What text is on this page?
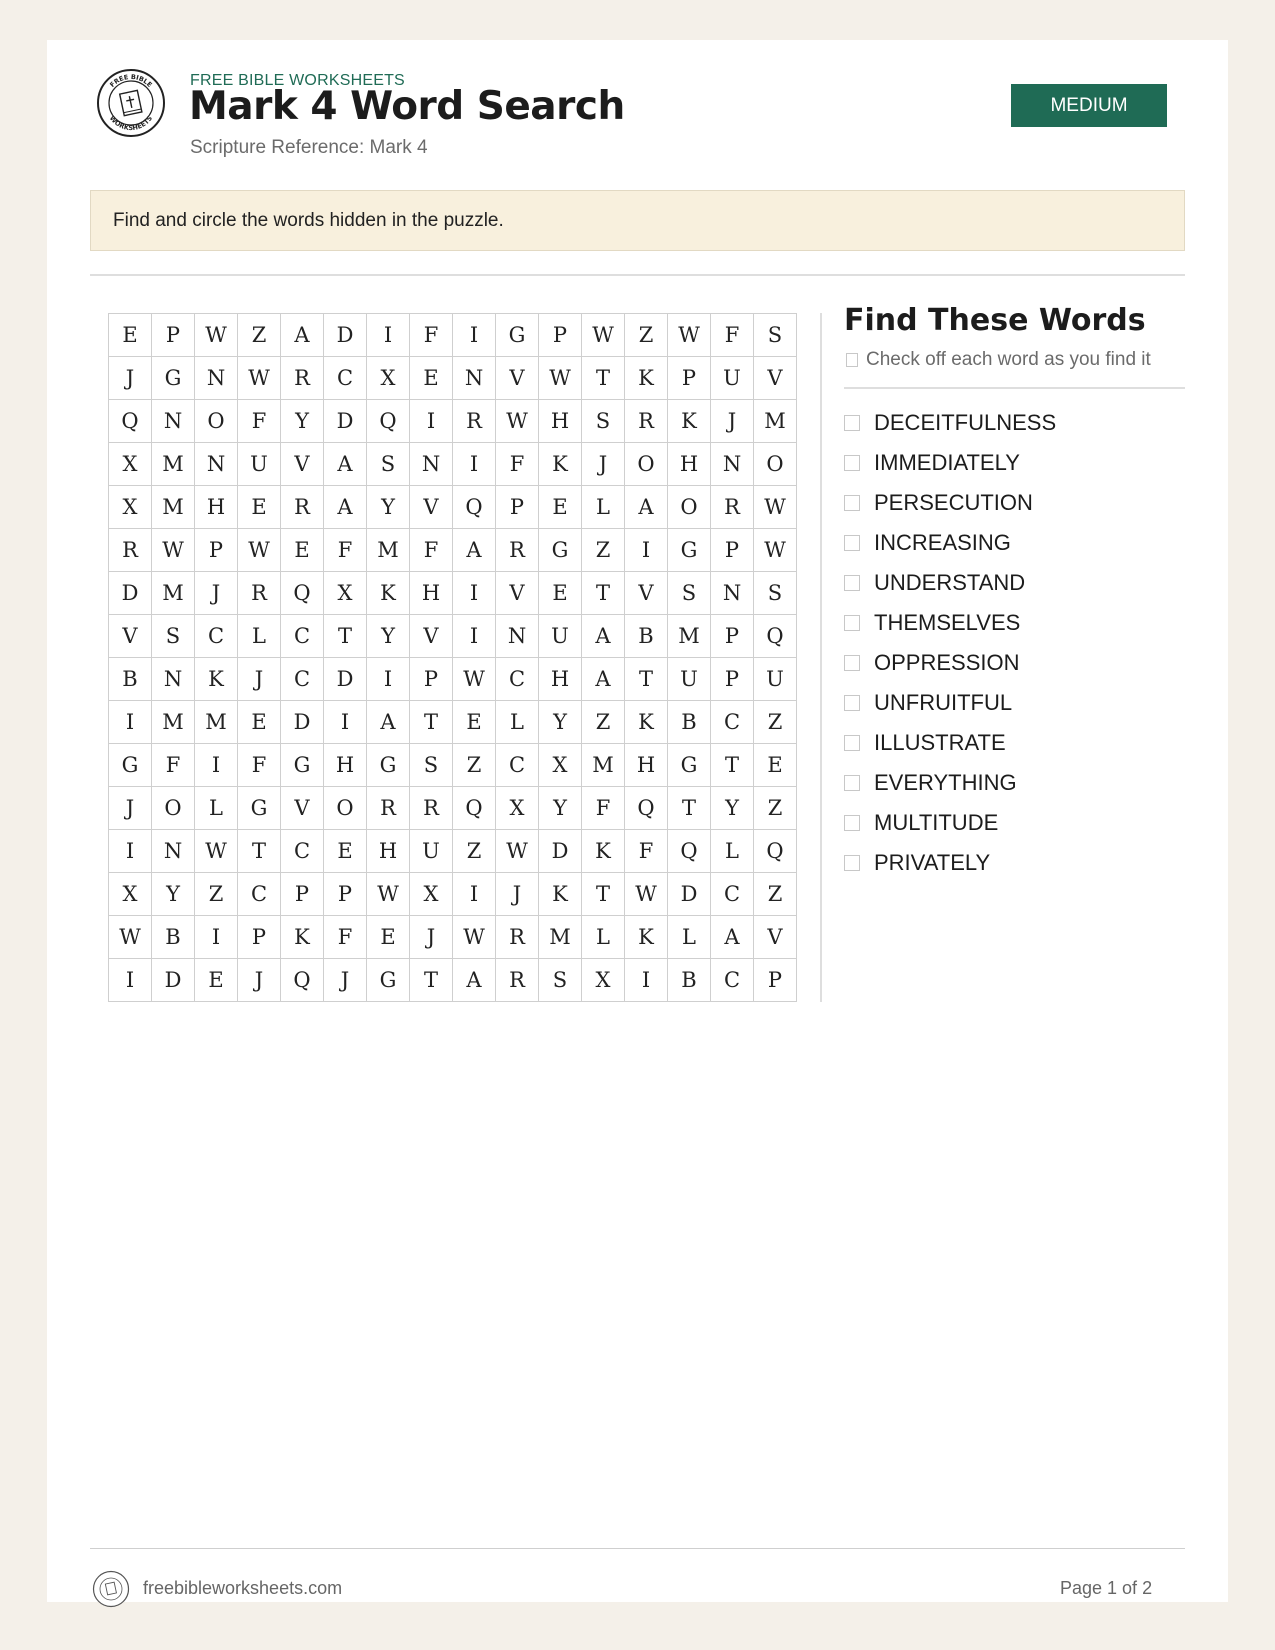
FREE BIBLE
WORKSHEETS
FREE BIBLE WORKSHEETS
Mark 4 Word Search
Scripture Reference: Mark 4
MEDIUM
Find and circle the words hidden in the puzzle.
E	P	W	Z	A	D	I	F	I	G	P	W	Z	W	F	S
J	G	N	W	R	C	X	E	N	V	W	T	K	P	U	V
Q	N	O	F	Y	D	Q	I	R	W	H	S	R	K	J	M
X	M	N	U	V	A	S	N	I	F	K	J	O	H	N	O
X	M	H	E	R	A	Y	V	Q	P	E	L	A	O	R	W
R	W	P	W	E	F	M	F	A	R	G	Z	I	G	P	W
D	M	J	R	Q	X	K	H	I	V	E	T	V	S	N	S
V	S	C	L	C	T	Y	V	I	N	U	A	B	M	P	Q
B	N	K	J	C	D	I	P	W	C	H	A	T	U	P	U
I	M	M	E	D	I	A	T	E	L	Y	Z	K	B	C	Z
G	F	I	F	G	H	G	S	Z	C	X	M	H	G	T	E
J	O	L	G	V	O	R	R	Q	X	Y	F	Q	T	Y	Z
I	N	W	T	C	E	H	U	Z	W	D	K	F	Q	L	Q
X	Y	Z	C	P	P	W	X	I	J	K	T	W	D	C	Z
W	B	I	P	K	F	E	J	W	R	M	L	K	L	A	V
I	D	E	J	Q	J	G	T	A	R	S	X	I	B	C	P
Find These Words
Check off each word as you find it
DECEITFULNESS
IMMEDIATELY
PERSECUTION
INCREASING
UNDERSTAND
THEMSELVES
OPPRESSION
UNFRUITFUL
ILLUSTRATE
EVERYTHING
MULTITUDE
PRIVATELY
freebibleworksheets.com	Page 1 of 2
